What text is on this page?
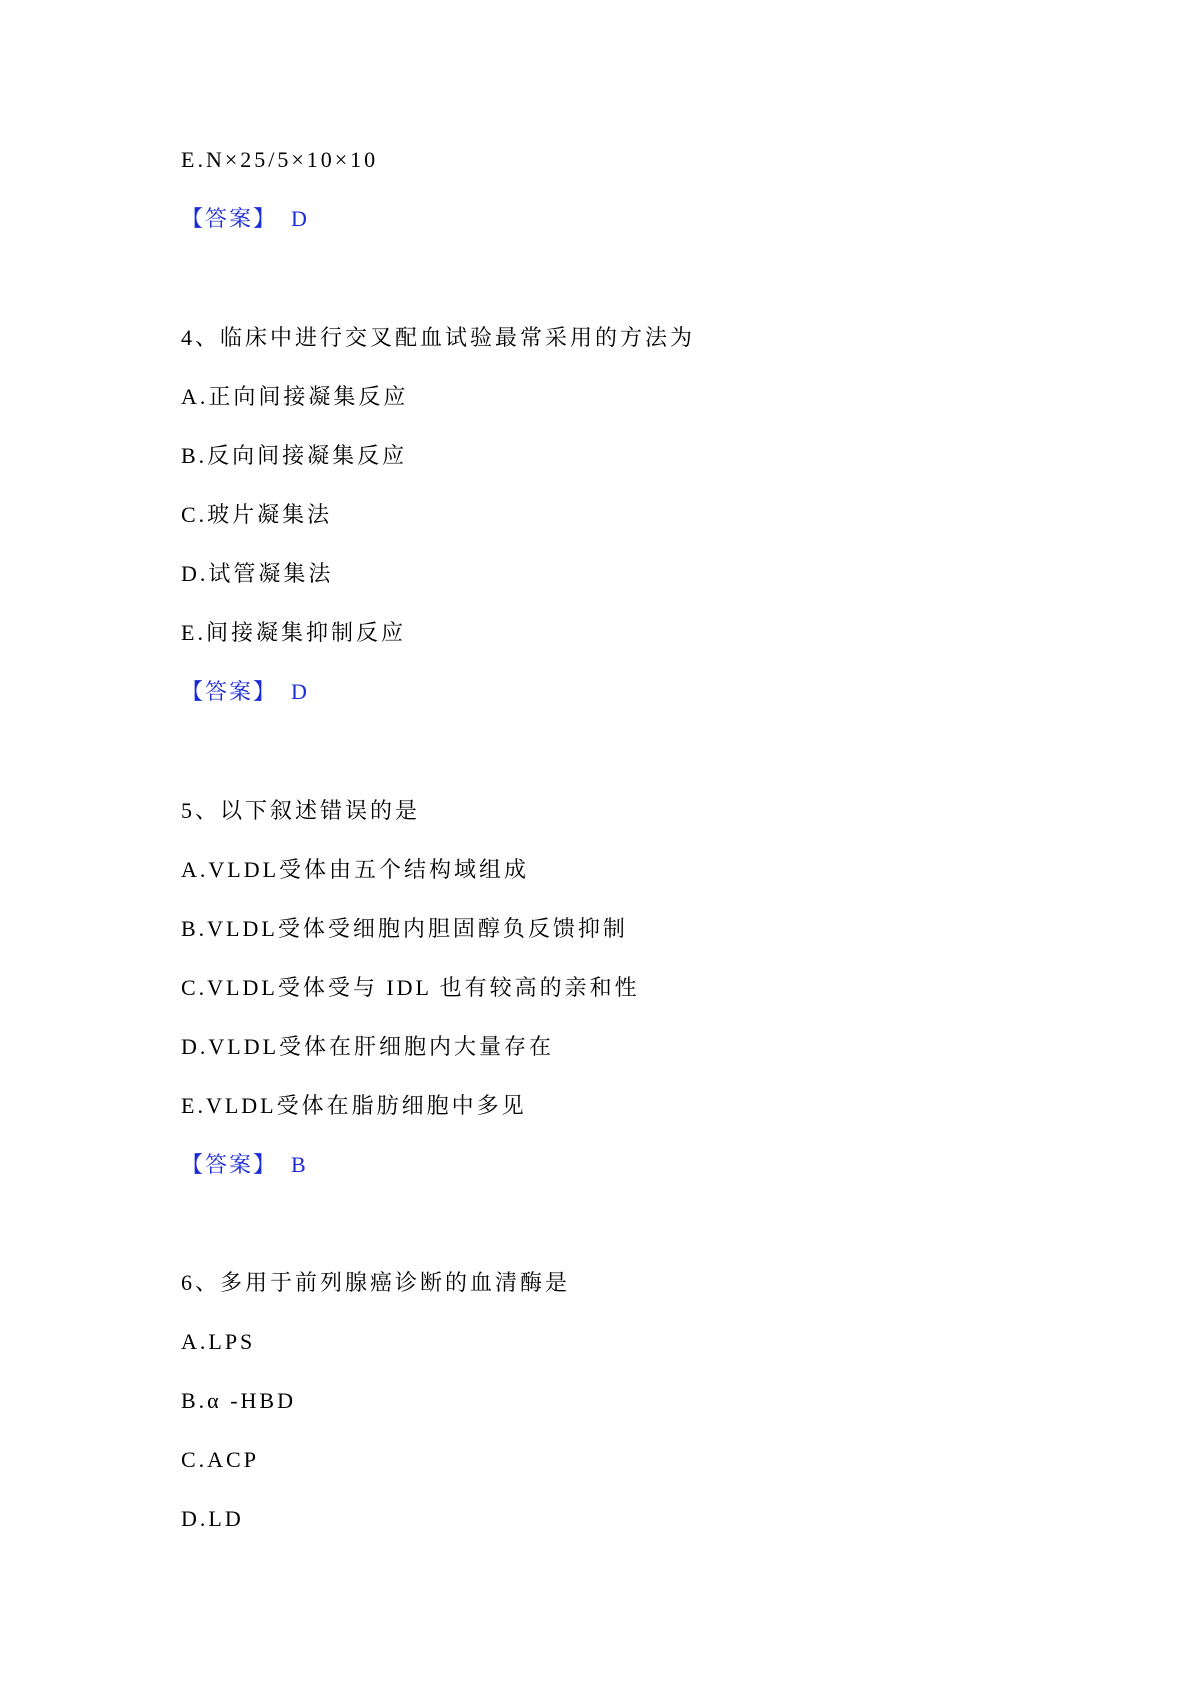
E.N×25/5×10×10
【答案】 D
4、临床中进行交叉配血试验最常采用的方法为
A.正向间接凝集反应
B.反向间接凝集反应
C.玻片凝集法
D.试管凝集法
E.间接凝集抑制反应
【答案】 D
5、以下叙述错误的是
A.VLDL受体由五个结构域组成
B.VLDL受体受细胞内胆固醇负反馈抑制
C.VLDL受体受与 IDL 也有较高的亲和性
D.VLDL受体在肝细胞内大量存在
E.VLDL受体在脂肪细胞中多见
【答案】 B
6、多用于前列腺癌诊断的血清酶是
A.LPS
B.α -HBD
C.ACP
D.LD
